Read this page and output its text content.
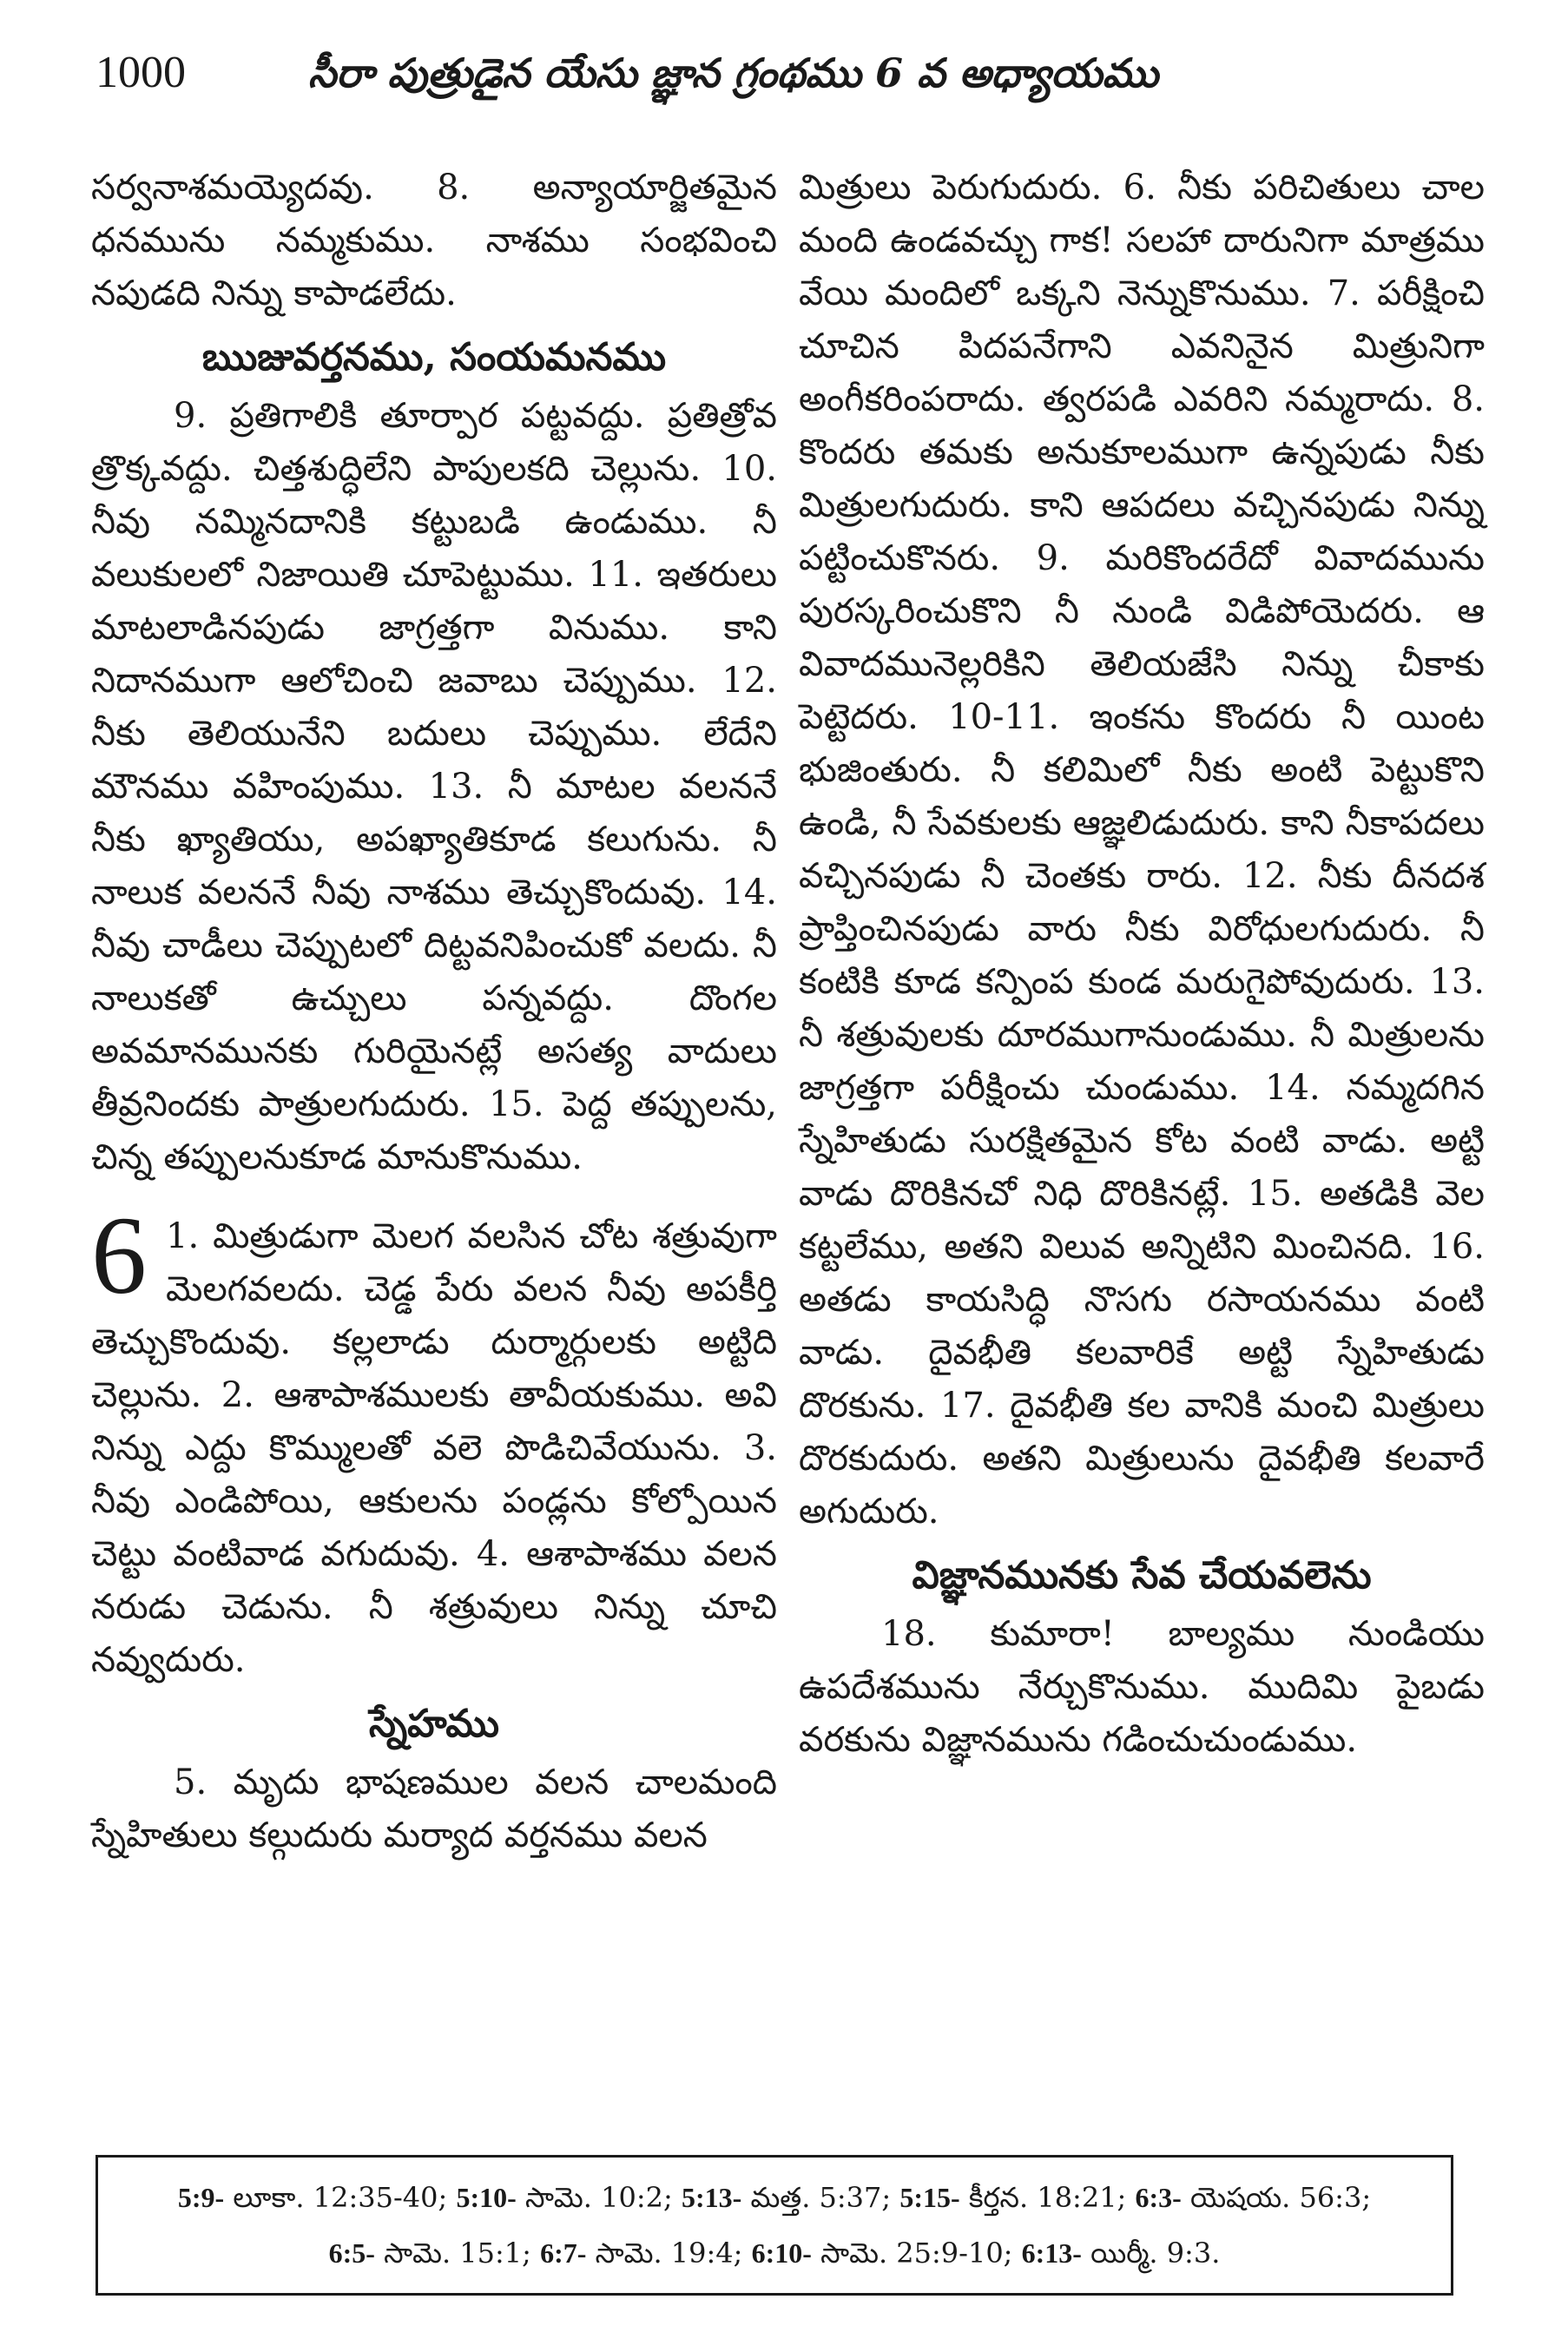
1000	సీరా పుత్రుడైన యేసు జ్ఞాన గ్రంథము 6 వ అధ్యాయము

సర్వనాశమయ్యెదవు. 8. అన్యాయార్జితమైన ధనమును నమ్మకుము. నాశము సంభవించి నపుడది నిన్ను కాపాడలేదు.

ఋజువర్తనము, సంయమనము

9. ప్రతిగాలికి తూర్పార పట్టవద్దు. ప్రతిత్రోవ త్రొక్కవద్దు. చిత్తశుద్ధిలేని పాపులకది చెల్లును. 10. నీవు నమ్మినదానికి కట్టుబడి ఉండుము. నీ వలుకులలో నిజాయితి చూపెట్టుము. 11. ఇతరులు మాటలాడినపుడు జాగ్రత్తగా వినుము. కాని నిదానముగా ఆలోచించి జవాబు చెప్పుము. 12. నీకు తెలియునేని బదులు చెప్పుము. లేదేని మౌనము వహింపుము. 13. నీ మాటల వలననే నీకు ఖ్యాతియు, అపఖ్యాతికూడ కలుగును. నీ నాలుక వలననే నీవు నాశము తెచ్చుకొందువు. 14. నీవు చాడీలు చెప్పుటలో దిట్టవనిపించుకో వలదు. నీ నాలుకతో ఉచ్చులు పన్నవద్దు. దొంగల అవమానమునకు గురియైనట్లే అసత్య వాదులు తీవ్రనిందకు పాత్రులగుదురు. 15. పెద్ద తప్పులను, చిన్న తప్పులనుకూడ మానుకొనుము.

6 1. మిత్రుడుగా మెలగ వలసిన చోట శత్రువుగా మెలగవలదు. చెడ్డ పేరు వలన నీవు అపకీర్తి తెచ్చుకొందువు. కల్లలాడు దుర్మార్గులకు అట్టిది చెల్లును. 2. ఆశాపాశములకు తావీయకుము. అవి నిన్ను ఎద్దు కొమ్ములతో వలె పొడిచివేయును. 3. నీవు ఎండిపోయి, ఆకులను పండ్లను కోల్పోయిన చెట్టు వంటివాడ వగుదువు. 4. ఆశాపాశము వలన నరుడు చెడును. నీ శత్రువులు నిన్ను చూచి నవ్వుదురు.

స్నేహము

5. మృదు భాషణముల వలన చాలమంది స్నేహితులు కల్గుదురు మర్యాద వర్తనము వలన

మిత్రులు పెరుగుదురు. 6. నీకు పరిచితులు చాల మంది ఉండవచ్చు గాక! సలహా దారునిగా మాత్రము వేయి మందిలో ఒక్కని నెన్నుకొనుము. 7. పరీక్షించి చూచిన పిదపనేగాని ఎవనినైన మిత్రునిగా అంగీకరింపరాదు. త్వరపడి ఎవరిని నమ్మరాదు. 8. కొందరు తమకు అనుకూలముగా ఉన్నపుడు నీకు మిత్రులగుదురు. కాని ఆపదలు వచ్చినపుడు నిన్ను పట్టించుకొనరు. 9. మరికొందరేదో వివాదమును పురస్కరించుకొని నీ నుండి విడిపోయెదరు. ఆ వివాదమునెల్లరికిని తెలియజేసి నిన్ను చీకాకు పెట్టెదరు. 10-11. ఇంకను కొందరు నీ యింట భుజింతురు. నీ కలిమిలో నీకు అంటి పెట్టుకొని ఉండి, నీ సేవకులకు ఆజ్ఞలిడుదురు. కాని నీకాపదలు వచ్చినపుడు నీ చెంతకు రారు. 12. నీకు దీనదశ ప్రాప్తించినపుడు వారు నీకు విరోధులగుదురు. నీ కంటికి కూడ కన్పింప కుండ మరుగైపోవుదురు. 13. నీ శత్రువులకు దూరముగానుండుము. నీ మిత్రులను జాగ్రత్తగా పరీక్షించు చుండుము. 14. నమ్మదగిన స్నేహితుడు సురక్షితమైన కోట వంటి వాడు. అట్టి వాడు దొరికినచో నిధి దొరికినట్లే. 15. అతడికి వెల కట్టలేము, అతని విలువ అన్నిటిని మించినది. 16. అతడు కాయసిద్ధి నొసగు రసాయనము వంటి వాడు. దైవభీతి కలవారికే అట్టి స్నేహితుడు దొరకును. 17. దైవభీతి కల వానికి మంచి మిత్రులు దొరకుదురు. అతని మిత్రులును దైవభీతి కలవారే అగుదురు.

విజ్ఞానమునకు సేవ చేయవలెను

18. కుమారా! బాల్యము నుండియు ఉపదేశమును నేర్చుకొనుము. ముదిమి పైబడు వరకును విజ్ఞానమును గడించుచుండుము.

5:9- లూకా. 12:35-40; 5:10- సామె. 10:2; 5:13- మత్త. 5:37; 5:15- కీర్తన. 18:21; 6:3- యెషయ. 56:3; 6:5- సామె. 15:1; 6:7- సామె. 19:4; 6:10- సామె. 25:9-10; 6:13- యిర్మీ. 9:3.
